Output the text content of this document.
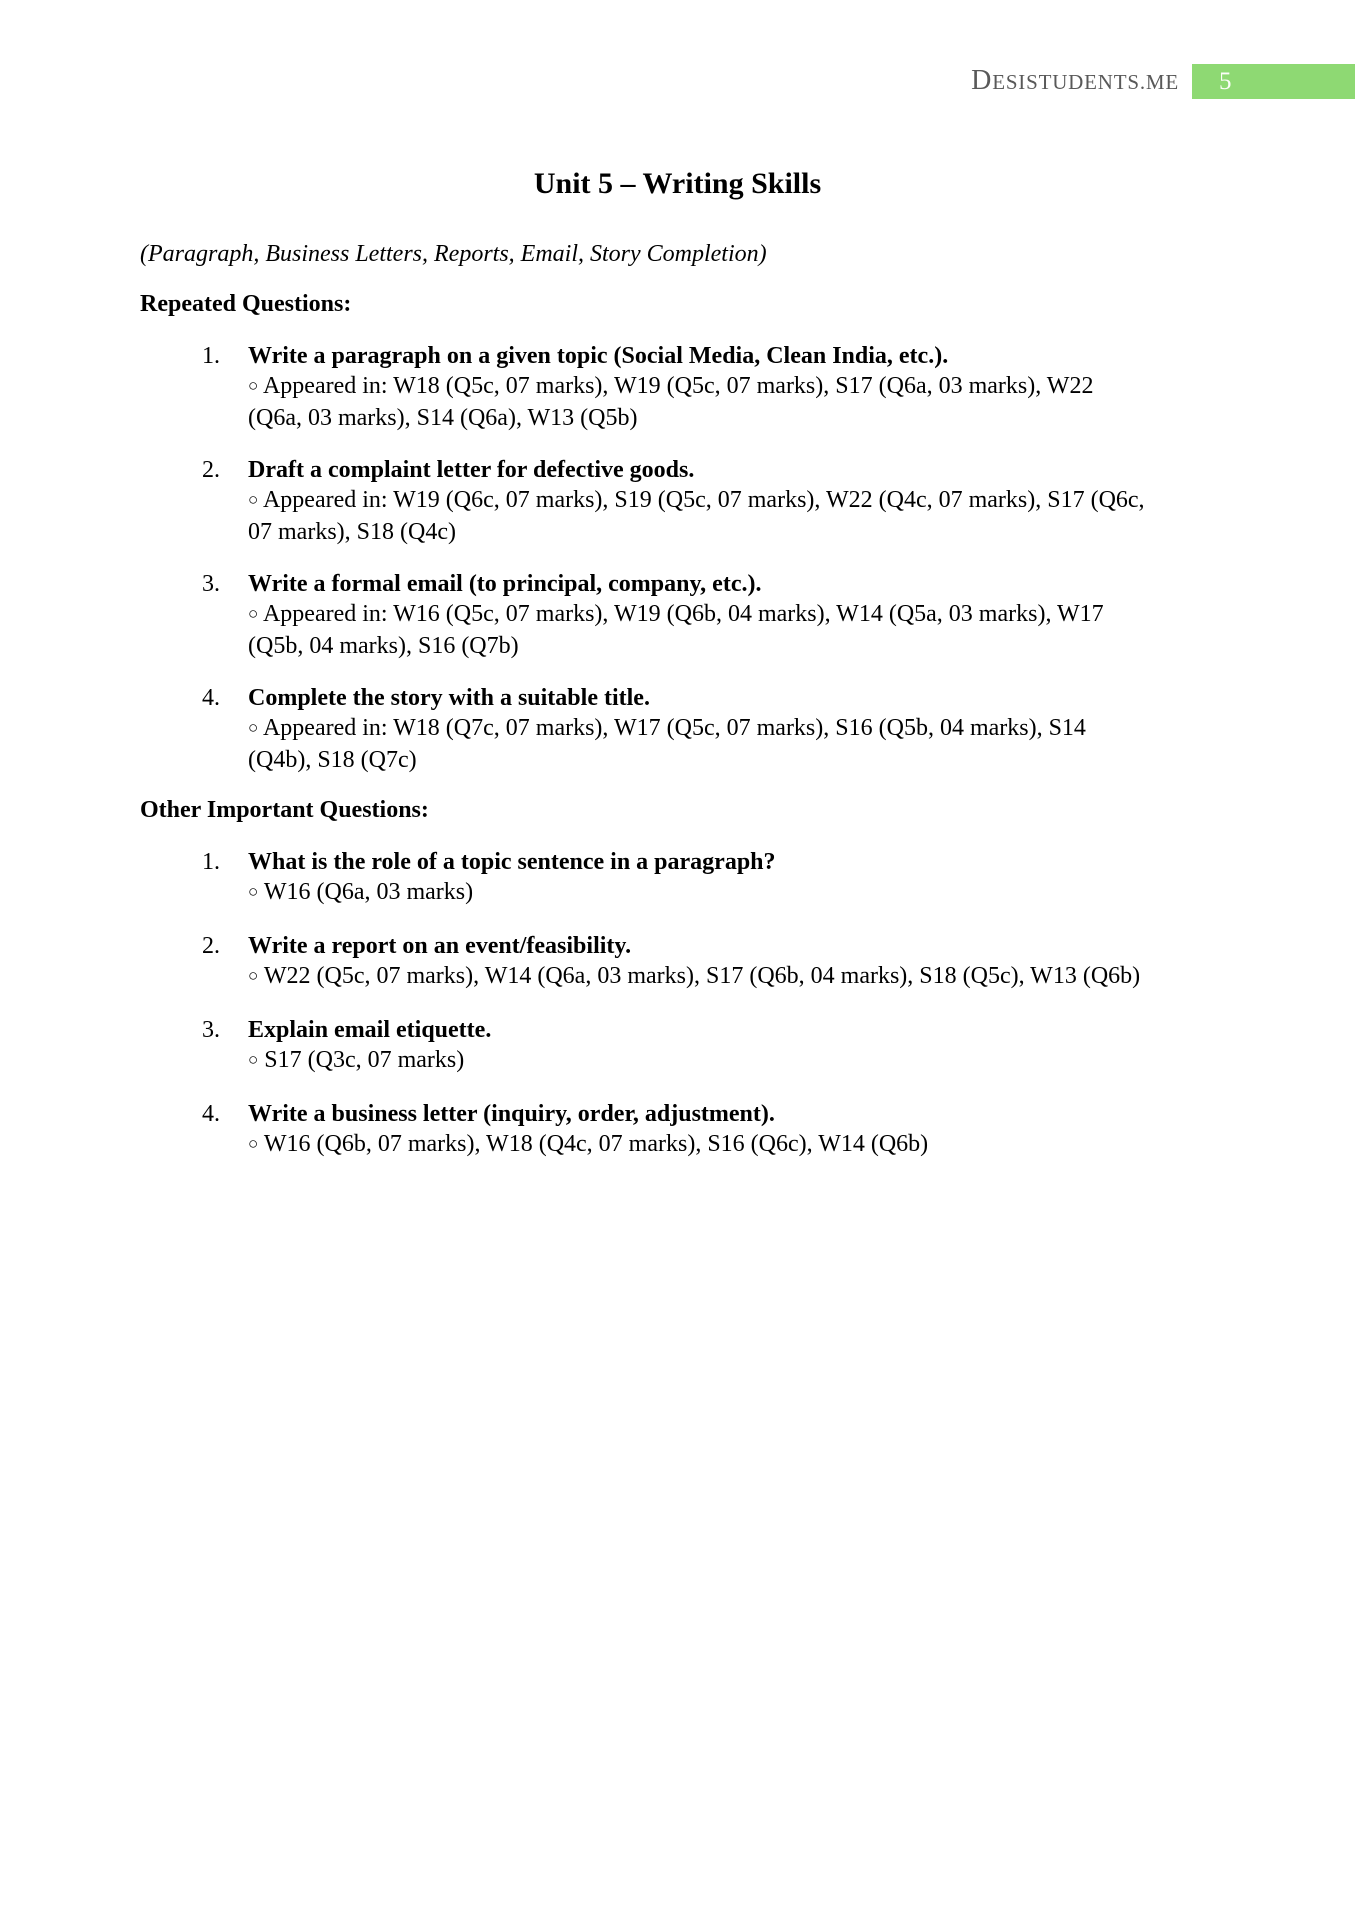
DESISTUDENTS.ME	5
Unit 5 – Writing Skills

(Paragraph, Business Letters, Reports, Email, Story Completion)

Repeated Questions:
1. Write a paragraph on a given topic (Social Media, Clean India, etc.).
○ Appeared in: W18 (Q5c, 07 marks), W19 (Q5c, 07 marks), S17 (Q6a, 03 marks), W22
(Q6a, 03 marks), S14 (Q6a), W13 (Q5b)
2. Draft a complaint letter for defective goods.
○ Appeared in: W19 (Q6c, 07 marks), S19 (Q5c, 07 marks), W22 (Q4c, 07 marks), S17 (Q6c,
07 marks), S18 (Q4c)
3. Write a formal email (to principal, company, etc.).
○ Appeared in: W16 (Q5c, 07 marks), W19 (Q6b, 04 marks), W14 (Q5a, 03 marks), W17
(Q5b, 04 marks), S16 (Q7b)
4. Complete the story with a suitable title.
○ Appeared in: W18 (Q7c, 07 marks), W17 (Q5c, 07 marks), S16 (Q5b, 04 marks), S14
(Q4b), S18 (Q7c)
Other Important Questions:
1. What is the role of a topic sentence in a paragraph?
○ W16 (Q6a, 03 marks)
2. Write a report on an event/feasibility.
○ W22 (Q5c, 07 marks), W14 (Q6a, 03 marks), S17 (Q6b, 04 marks), S18 (Q5c), W13 (Q6b)
3. Explain email etiquette.
○ S17 (Q3c, 07 marks)
4. Write a business letter (inquiry, order, adjustment).
○ W16 (Q6b, 07 marks), W18 (Q4c, 07 marks), S16 (Q6c), W14 (Q6b)
